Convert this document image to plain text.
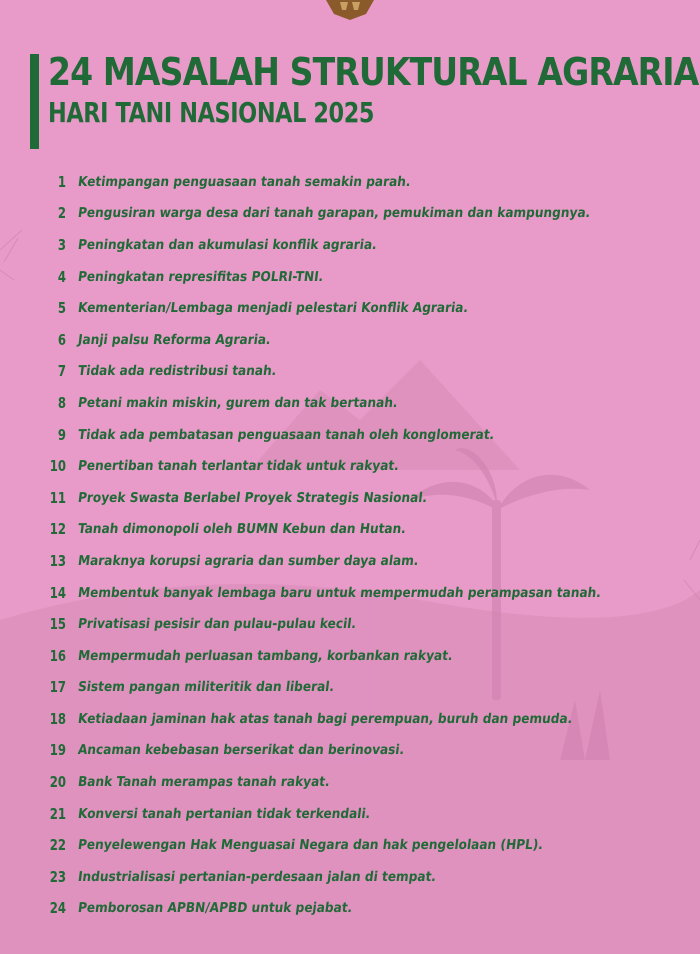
24 MASALAH STRUKTURAL AGRARIA
HARI TANI NASIONAL 2025
1 Ketimpangan penguasaan tanah semakin parah.
2 Pengusiran warga desa dari tanah garapan, pemukiman dan kampungnya.
3 Peningkatan dan akumulasi konflik agraria.
4 Peningkatan represifitas POLRI-TNI.
5 Kementerian/Lembaga menjadi pelestari Konflik Agraria.
6 Janji palsu Reforma Agraria.
7 Tidak ada redistribusi tanah.
8 Petani makin miskin, gurem dan tak bertanah.
9 Tidak ada pembatasan penguasaan tanah oleh konglomerat.
10 Penertiban tanah terlantar tidak untuk rakyat.
11 Proyek Swasta Berlabel Proyek Strategis Nasional.
12 Tanah dimonopoli oleh BUMN Kebun dan Hutan.
13 Maraknya korupsi agraria dan sumber daya alam.
14 Membentuk banyak lembaga baru untuk mempermudah perampasan tanah.
15 Privatisasi pesisir dan pulau-pulau kecil.
16 Mempermudah perluasan tambang, korbankan rakyat.
17 Sistem pangan militeritik dan liberal.
18 Ketiadaan jaminan hak atas tanah bagi perempuan, buruh dan pemuda.
19 Ancaman kebebasan berserikat dan berinovasi.
20 Bank Tanah merampas tanah rakyat.
21 Konversi tanah pertanian tidak terkendali.
22 Penyelewengan Hak Menguasai Negara dan hak pengelolaan (HPL).
23 Industrialisasi pertanian-perdesaan jalan di tempat.
24 Pemborosan APBN/APBD untuk pejabat.
